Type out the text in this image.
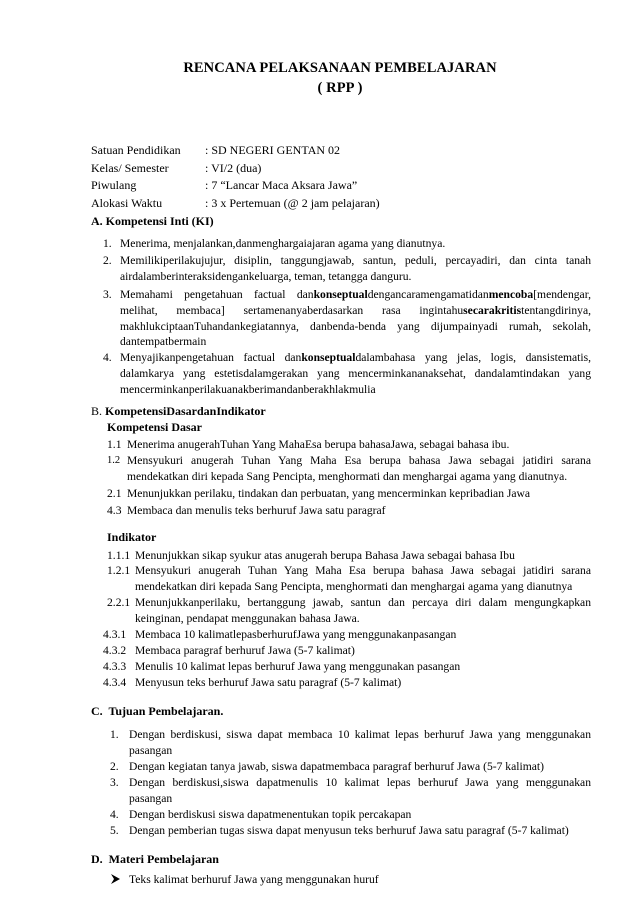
RENCANA PELAKSANAAN PEMBELAJARAN
( RPP )
Satuan Pendidikan	: SD NEGERI GENTAN 02
Kelas/ Semester	: VI/2 (dua)
Piwulang	: 7 “Lancar Maca Aksara Jawa”
Alokasi Waktu	: 3 x Pertemuan (@ 2 jam pelajaran)
A. Kompetensi Inti (KI)
1. Menerima, menjalankan,danmenghargaiajaran agama yang dianutnya.
2. Memilikiperilakujujur, disiplin, tanggungjawab, santun, peduli, percayadiri, dan cinta tanah airdalamberinteraksidengankeluarga, teman, tetangga danguru.
3. Memahami pengetahuan factual dankonseptualdengancaramengamatidanmencoba[mendengar, melihat, membaca] sertamenanyaberdasarkan rasa ingintahusecarakritistentangdirinya, makhlukciptaanTuhandankegiatannya, danbenda-benda yang dijumpainyadi rumah, sekolah, dantempatbermain
4. Menyajikanpengetahuan factual dankonseptualdalambahasa yang jelas, logis, dansistematis, dalamkarya yang estetisdalamgerakan yang mencerminkananaksehat, dandalamtindakan yang mencerminkanperilakuanakberimandanberakhlakmulia
B. KompetensiDasardanIndikator
Kompetensi Dasar
1.1 Menerima anugerahTuhan Yang MahaEsa berupa bahasaJawa, sebagai bahasa ibu.
1.2 Mensyukuri anugerah Tuhan Yang Maha Esa berupa bahasa Jawa sebagai jatidiri sarana mendekatkan diri kepada Sang Pencipta, menghormati dan menghargai agama yang dianutnya.
2.1 Menunjukkan perilaku, tindakan dan perbuatan, yang mencerminkan kepribadian Jawa
4.3 Membaca dan menulis teks berhuruf Jawa satu paragraf
Indikator
1.1.1 Menunjukkan sikap syukur atas anugerah berupa Bahasa Jawa sebagai bahasa Ibu
1.2.1 Mensyukuri anugerah Tuhan Yang Maha Esa berupa bahasa Jawa sebagai jatidiri sarana mendekatkan diri kepada Sang Pencipta, menghormati dan menghargai agama yang dianutnya
2.2.1 Menunjukkanperilaku, bertanggung jawab, santun dan percaya diri dalam mengungkapkan keinginan, pendapat menggunakan bahasa Jawa.
4.3.1 Membaca 10 kalimatlepasberhurufJawa yang menggunakanpasangan
4.3.2 Membaca paragraf berhuruf Jawa (5-7 kalimat)
4.3.3 Menulis 10 kalimat lepas berhuruf Jawa yang menggunakan pasangan
4.3.4 Menyusun teks berhuruf Jawa satu paragraf (5-7 kalimat)
C.  Tujuan Pembelajaran.
1. Dengan berdiskusi, siswa dapat membaca 10 kalimat lepas berhuruf Jawa yang menggunakan pasangan
2. Dengan kegiatan tanya jawab, siswa dapatmembaca paragraf berhuruf Jawa (5-7 kalimat)
3. Dengan berdiskusi,siswa dapatmenulis 10 kalimat lepas berhuruf Jawa yang menggunakan pasangan
4. Dengan berdiskusi siswa dapatmenentukan topik percakapan
5. Dengan pemberian tugas siswa dapat menyusun teks berhuruf Jawa satu paragraf (5-7 kalimat)
D.  Materi Pembelajaran
Teks kalimat berhuruf Jawa yang menggunakan huruf
